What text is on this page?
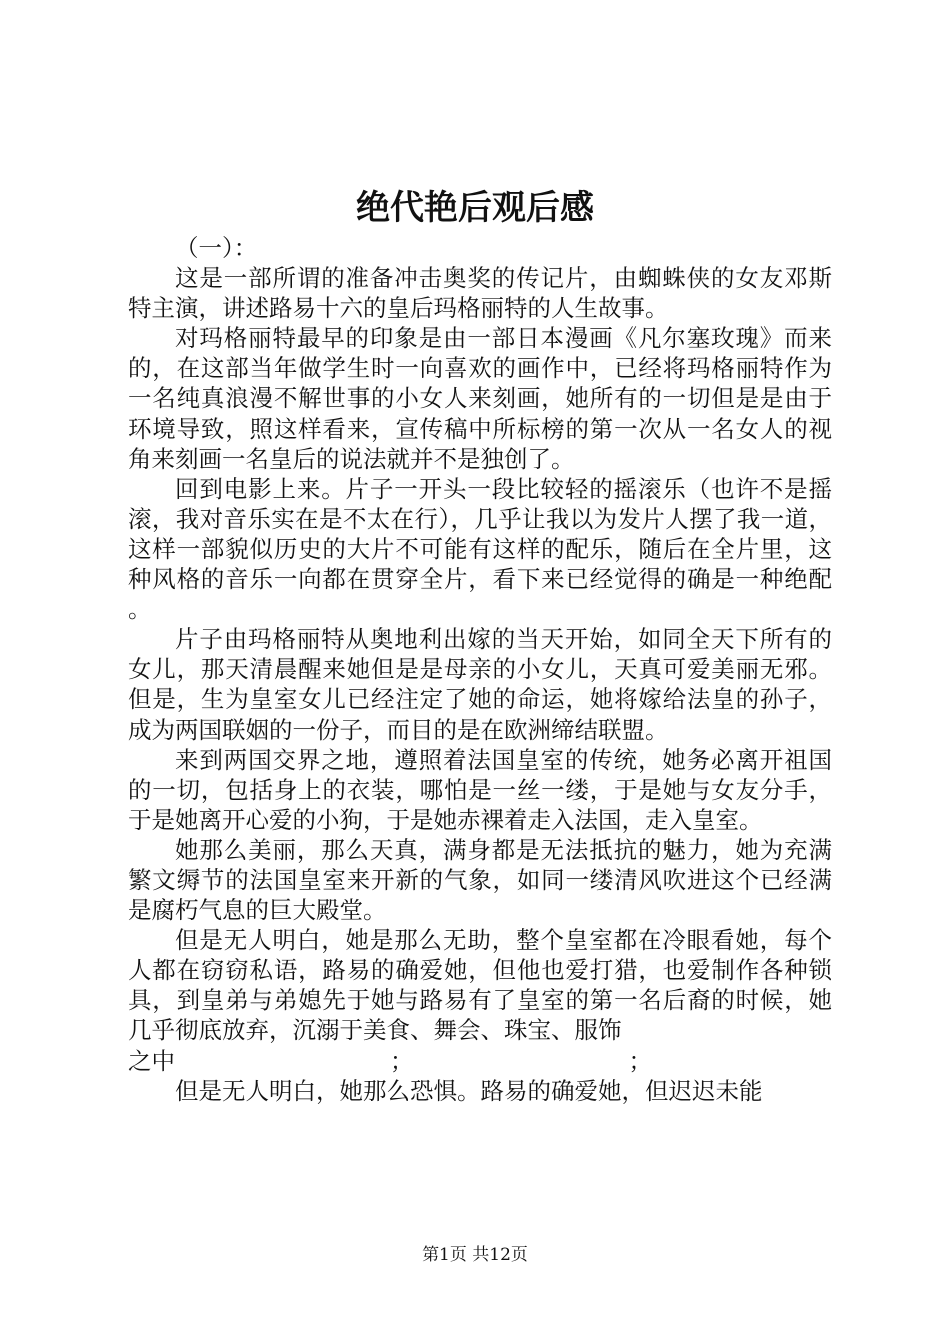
绝代艳后观后感

（一）：

这是一部所谓的准备冲击奥奖的传记片，由蜘蛛侠的女友邓斯特主演，讲述路易十六的皇后玛格丽特的人生故事。

对玛格丽特最早的印象是由一部日本漫画《凡尔塞玫瑰》而来的，在这部当年做学生时一向喜欢的画作中，已经将玛格丽特作为一名纯真浪漫不解世事的小女人来刻画，她所有的一切但是是由于环境导致，照这样看来，宣传稿中所标榜的第一次从一名女人的视角来刻画一名皇后的说法就并不是独创了。

回到电影上来。片子一开头一段比较轻的摇滚乐（也许不是摇滚，我对音乐实在是不太在行），几乎让我以为发片人摆了我一道，这样一部貌似历史的大片不可能有这样的配乐，随后在全片里，这种风格的音乐一向都在贯穿全片，看下来已经觉得的确是一种绝配。

片子由玛格丽特从奥地利出嫁的当天开始，如同全天下所有的女儿，那天清晨醒来她但是是母亲的小女儿，天真可爱美丽无邪。但是，生为皇室女儿已经注定了她的命运，她将嫁给法皇的孙子，成为两国联姻的一份子，而目的是在欧洲缔结联盟。

来到两国交界之地，遵照着法国皇室的传统，她务必离开祖国的一切，包括身上的衣装，哪怕是一丝一缕，于是她与女友分手，于是她离开心爱的小狗，于是她赤裸着走入法国，走入皇室。

她那么美丽，那么天真，满身都是无法抵抗的魅力，她为充满繁文缛节的法国皇室来开新的气象，如同一缕清风吹进这个已经满是腐朽气息的巨大殿堂。

但是无人明白，她是那么无助，整个皇室都在冷眼看她，每个人都在窃窃私语，路易的确爱她，但他也爱打猎，也爱制作各种锁具，到皇弟与弟媳先于她与路易有了皇室的第一名后裔的时候，她几乎彻底放弃，沉溺于美食、舞会、珠宝、服饰

之中	；	；

但是无人明白，她那么恐惧。路易的确爱她，但迟迟未能

第1页 共12页
